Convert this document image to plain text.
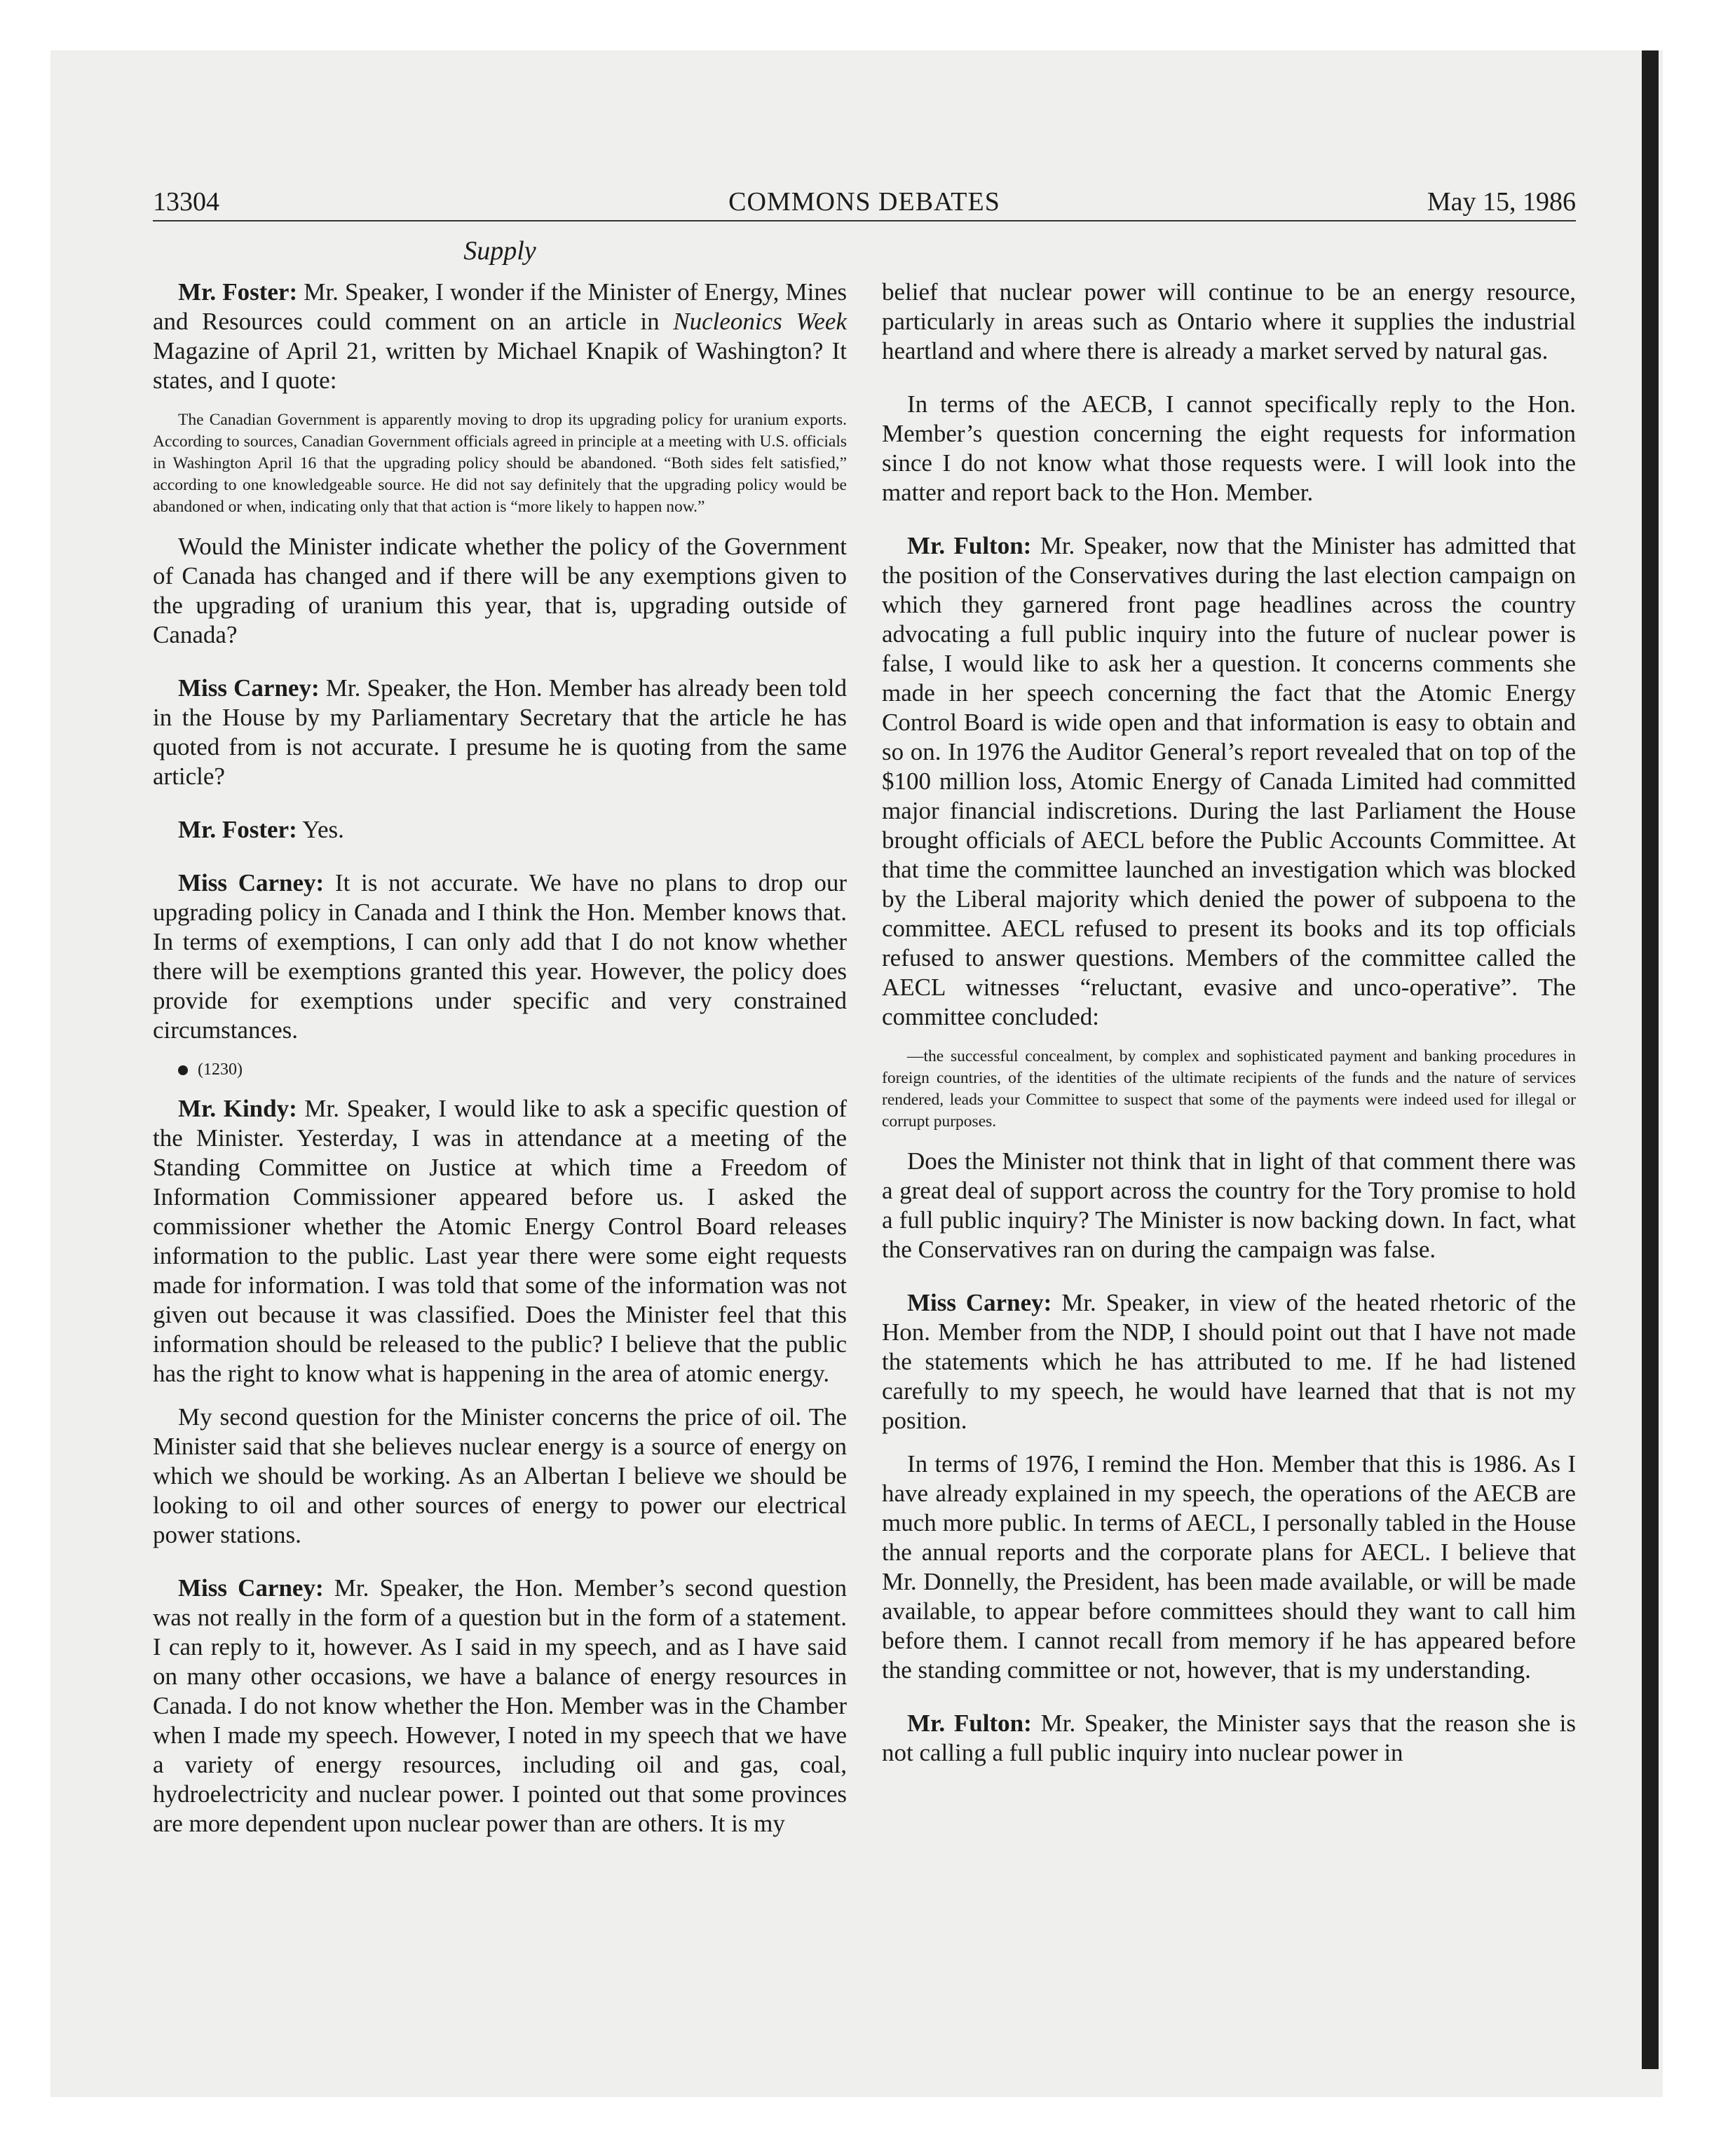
13304	COMMONS DEBATES	May 15, 1986
Supply

Mr. Foster: Mr. Speaker, I wonder if the Minister of Energy, Mines and Resources could comment on an article in Nucleonics Week Magazine of April 21, written by Michael Knapik of Washington? It states, and I quote:

The Canadian Government is apparently moving to drop its upgrading policy for uranium exports. According to sources, Canadian Government officials agreed in principle at a meeting with U.S. officials in Washington April 16 that the upgrading policy should be abandoned. “Both sides felt satisfied,” according to one knowledgeable source. He did not say definitely that the upgrading policy would be abandoned or when, indicating only that that action is “more likely to happen now.”

Would the Minister indicate whether the policy of the Government of Canada has changed and if there will be any exemptions given to the upgrading of uranium this year, that is, upgrading outside of Canada?

Miss Carney: Mr. Speaker, the Hon. Member has already been told in the House by my Parliamentary Secretary that the article he has quoted from is not accurate. I presume he is quoting from the same article?

Mr. Foster: Yes.

Miss Carney: It is not accurate. We have no plans to drop our upgrading policy in Canada and I think the Hon. Member knows that. In terms of exemptions, I can only add that I do not know whether there will be exemptions granted this year. However, the policy does provide for exemptions under specific and very constrained circumstances.

(1230)

Mr. Kindy: Mr. Speaker, I would like to ask a specific question of the Minister. Yesterday, I was in attendance at a meeting of the Standing Committee on Justice at which time a Freedom of Information Commissioner appeared before us. I asked the commissioner whether the Atomic Energy Control Board releases information to the public. Last year there were some eight requests made for information. I was told that some of the information was not given out because it was classified. Does the Minister feel that this information should be released to the public? I believe that the public has the right to know what is happening in the area of atomic energy.

My second question for the Minister concerns the price of oil. The Minister said that she believes nuclear energy is a source of energy on which we should be working. As an Albertan I believe we should be looking to oil and other sources of energy to power our electrical power stations.

Miss Carney: Mr. Speaker, the Hon. Member’s second question was not really in the form of a question but in the form of a statement. I can reply to it, however. As I said in my speech, and as I have said on many other occasions, we have a balance of energy resources in Canada. I do not know whether the Hon. Member was in the Chamber when I made my speech. However, I noted in my speech that we have a variety of energy resources, including oil and gas, coal, hydroelectricity and nuclear power. I pointed out that some provinces are more dependent upon nuclear power than are others. It is my

belief that nuclear power will continue to be an energy resource, particularly in areas such as Ontario where it supplies the industrial heartland and where there is already a market served by natural gas.

In terms of the AECB, I cannot specifically reply to the Hon. Member’s question concerning the eight requests for information since I do not know what those requests were. I will look into the matter and report back to the Hon. Member.

Mr. Fulton: Mr. Speaker, now that the Minister has admitted that the position of the Conservatives during the last election campaign on which they garnered front page headlines across the country advocating a full public inquiry into the future of nuclear power is false, I would like to ask her a question. It concerns comments she made in her speech concerning the fact that the Atomic Energy Control Board is wide open and that information is easy to obtain and so on. In 1976 the Auditor General’s report revealed that on top of the $100 million loss, Atomic Energy of Canada Limited had committed major financial indiscretions. During the last Parliament the House brought officials of AECL before the Public Accounts Committee. At that time the committee launched an investigation which was blocked by the Liberal majority which denied the power of subpoena to the committee. AECL refused to present its books and its top officials refused to answer questions. Members of the committee called the AECL witnesses “reluctant, evasive and unco-operative”. The committee concluded:

—the successful concealment, by complex and sophisticated payment and banking procedures in foreign countries, of the identities of the ultimate recipients of the funds and the nature of services rendered, leads your Committee to suspect that some of the payments were indeed used for illegal or corrupt purposes.

Does the Minister not think that in light of that comment there was a great deal of support across the country for the Tory promise to hold a full public inquiry? The Minister is now backing down. In fact, what the Conservatives ran on during the campaign was false.

Miss Carney: Mr. Speaker, in view of the heated rhetoric of the Hon. Member from the NDP, I should point out that I have not made the statements which he has attributed to me. If he had listened carefully to my speech, he would have learned that that is not my position.

In terms of 1976, I remind the Hon. Member that this is 1986. As I have already explained in my speech, the operations of the AECB are much more public. In terms of AECL, I personally tabled in the House the annual reports and the corporate plans for AECL. I believe that Mr. Donnelly, the President, has been made available, or will be made available, to appear before committees should they want to call him before them. I cannot recall from memory if he has appeared before the standing committee or not, however, that is my understanding.

Mr. Fulton: Mr. Speaker, the Minister says that the reason she is not calling a full public inquiry into nuclear power in
